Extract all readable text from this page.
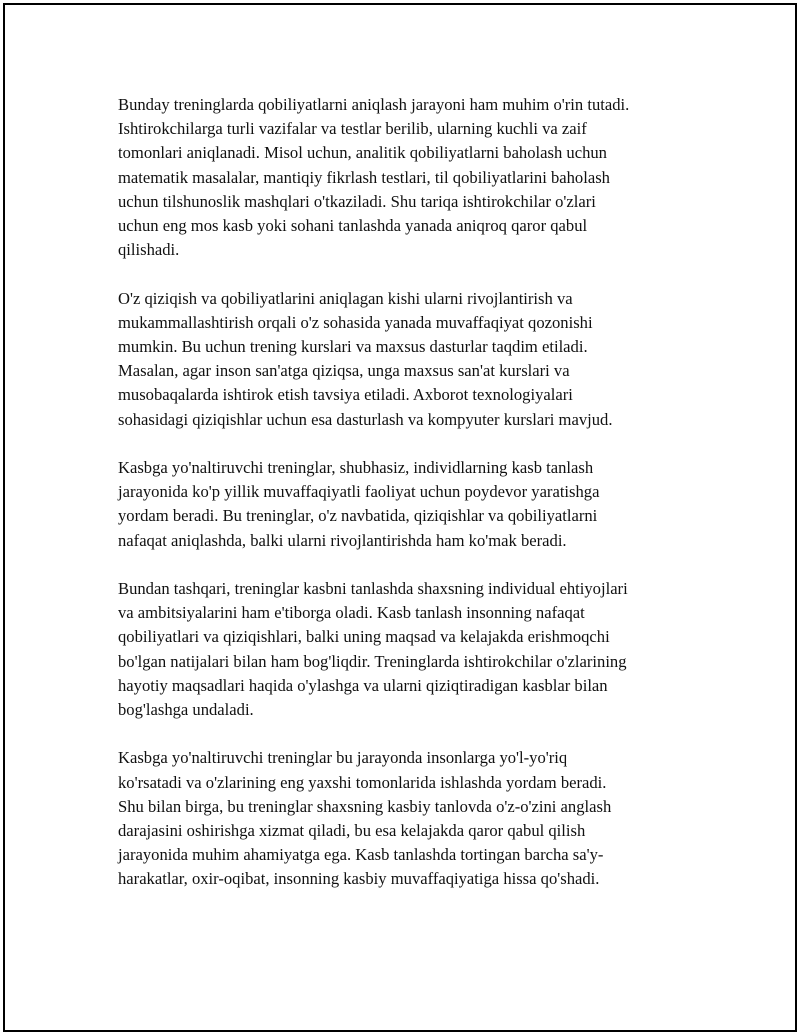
Bunday treninglarda qobiliyatlarni aniqlash jarayoni ham muhim o'rin tutadi.
Ishtirokchilarga turli vazifalar va testlar berilib, ularning kuchli va zaif
tomonlari aniqlanadi. Misol uchun, analitik qobiliyatlarni baholash uchun
matematik masalalar, mantiqiy fikrlash testlari, til qobiliyatlarini baholash
uchun tilshunoslik mashqlari o'tkaziladi. Shu tariqa ishtirokchilar o'zlari
uchun eng mos kasb yoki sohani tanlashda yanada aniqroq qaror qabul
qilishadi.

O'z qiziqish va qobiliyatlarini aniqlagan kishi ularni rivojlantirish va
mukammallashtirish orqali o'z sohasida yanada muvaffaqiyat qozonishi
mumkin. Bu uchun trening kurslari va maxsus dasturlar taqdim etiladi.
Masalan, agar inson san'atga qiziqsa, unga maxsus san'at kurslari va
musobaqalarda ishtirok etish tavsiya etiladi. Axborot texnologiyalari
sohasidagi qiziqishlar uchun esa dasturlash va kompyuter kurslari mavjud.

Kasbga yo'naltiruvchi treninglar, shubhasiz, individlarning kasb tanlash
jarayonida ko'p yillik muvaffaqiyatli faoliyat uchun poydevor yaratishga
yordam beradi. Bu treninglar, o'z navbatida, qiziqishlar va qobiliyatlarni
nafaqat aniqlashda, balki ularni rivojlantirishda ham ko'mak beradi.

Bundan tashqari, treninglar kasbni tanlashda shaxsning individual ehtiyojlari
va ambitsiyalarini ham e'tiborga oladi. Kasb tanlash insonning nafaqat
qobiliyatlari va qiziqishlari, balki uning maqsad va kelajakda erishmoqchi
bo'lgan natijalari bilan ham bog'liqdir. Treninglarda ishtirokchilar o'zlarining
hayotiy maqsadlari haqida o'ylashga va ularni qiziqtiradigan kasblar bilan
bog'lashga undaladi.

Kasbga yo'naltiruvchi treninglar bu jarayonda insonlarga yo'l-yo'riq
ko'rsatadi va o'zlarining eng yaxshi tomonlarida ishlashda yordam beradi.
Shu bilan birga, bu treninglar shaxsning kasbiy tanlovda o'z-o'zini anglash
darajasini oshirishga xizmat qiladi, bu esa kelajakda qaror qabul qilish
jarayonida muhim ahamiyatga ega. Kasb tanlashda tortingan barcha sa'y-
harakatlar, oxir-oqibat, insonning kasbiy muvaffaqiyatiga hissa qo'shadi.
